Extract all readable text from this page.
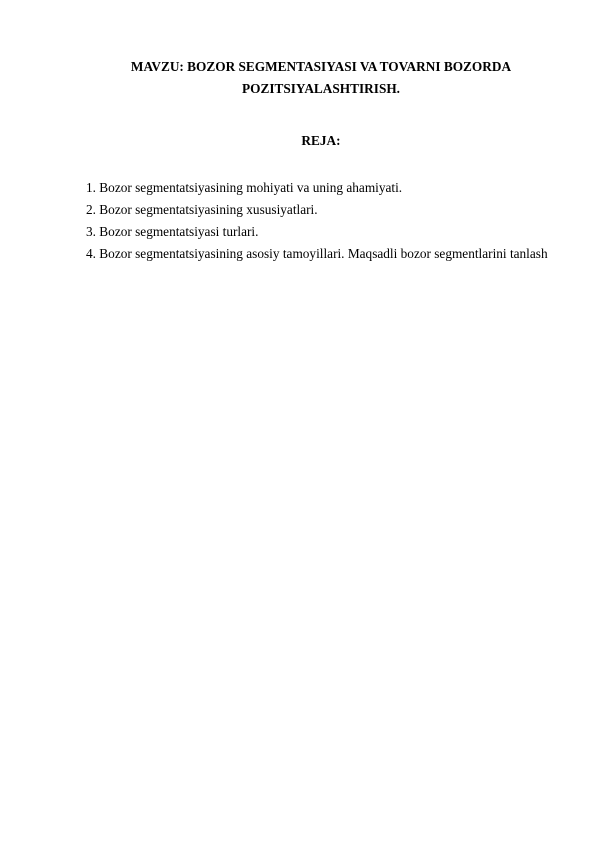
MAVZU: BOZOR SEGMENTASIYASI VA TOVARNI BOZORDA
POZITSIYALASHTIRISH.
REJA:
1. Bozor segmentatsiyasining mohiyati va uning ahamiyati.
2. Bozor segmentatsiyasining xususiyatlari.
3. Bozor segmentatsiyasi turlari.
4. Bozor segmentatsiyasining asosiy tamoyillari. Maqsadli bozor segmentlarini tanlash
